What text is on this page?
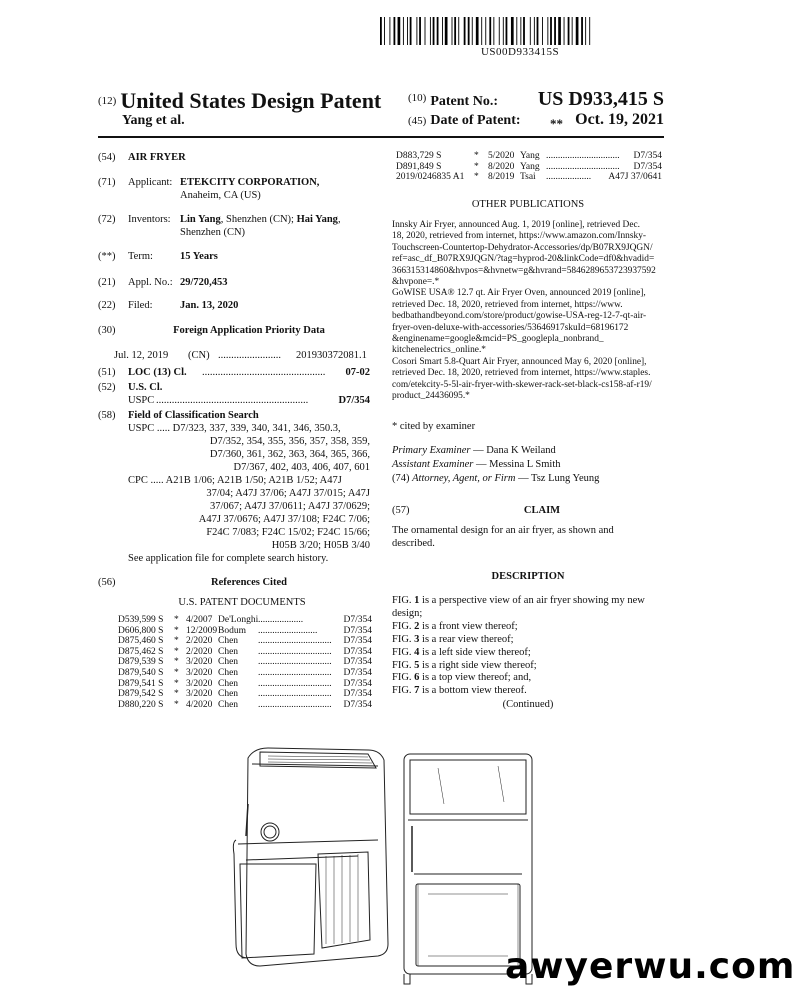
US00D933415S
(12) United States Design Patent $^{(10)}$ Patent No.: US D933,415 S
Yang et al.	(45) Date of Patent: ** Oct. 19, 2021
(54) AIR FRYER
(71) Applicant: ETEKCITY CORPORATION,
Anaheim, CA (US)
(72) Inventors: Lin Yang, Shenzhen (CN); Hai Yang,
Shenzhen (CN)
(**) Term:	15 Years
(21) Appl. No.: 29/720,453
(22) Filed:	Jan. 13, 2020
(30)	Foreign Application Priority Data
Jul. 12, 2019 (CN) ........................ 201930372081.1
(51) LOC (13) Cl. ...............................................	07-02
(52) U.S. Cl.
USPC ..........................................................	D7/354
(58) Field of Classification Search
USPC ..... D7/323, 337, 339, 340, 341, 346, 350.3,
D7/352, 354, 355, 356, 357, 358, 359,
D7/360, 361, 362, 363, 364, 365, 366,
D7/367, 402, 403, 406, 407, 601
CPC ..... A21B 1/06; A21B 1/50; A21B 1/52; A47J
37/04; A47J 37/06; A47J 37/015; A47J
37/067; A47J 37/0611; A47J 37/0629;
A47J 37/0676; A47J 37/108; F24C 7/06;
F24C 7/083; F24C 15/02; F24C 15/66;
H05B 3/20; H05B 3/40
See application file for complete search history.
(56)	References Cited
U.S. PATENT DOCUMENTS
D539,599 S	* 4/2007 De'Longhi ...................	D7/354
D606,800 S	* 12/2009 Bodum	.........................	D7/354
D875,460 S	* 2/2020 Chen	...............................	D7/354
D875,462 S	* 2/2020 Chen	...............................	D7/354
D879,539 S	* 3/2020 Chen	...............................	D7/354
D879,540 S	* 3/2020 Chen	...............................	D7/354
D879,541 S	* 3/2020 Chen	...............................	D7/354
D879,542 S	* 3/2020 Chen	...............................	D7/354
D880,220 S	* 4/2020 Chen	...............................	D7/354
D883,729 S	* 5/2020 Yang ...............................	D7/354
D891,849 S	* 8/2020 Yang ...............................	D7/354
2019/0246835 A1	* 8/2019 Tsai	...................	A47J 37/0641
OTHER PUBLICATIONS
Innsky Air Fryer, announced Aug. 1, 2019 [online], retrieved Dec.
18, 2020, retrieved from internet, https://www.amazon.com/Innsky-
Touchscreen-Countertop-Dehydrator-Accessories/dp/B07RX9JQGN/
ref=asc_df_B07RX9JQGN/?tag=hyprod-20&linkCode=df0&hvadid=
366315314860&hvpos=&hvnetw=g&hvrand=5846289653723937592
&hvpone=.*
GoWISE USA® 12.7 qt. Air Fryer Oven, announced 2019 [online],
retrieved Dec. 18, 2020, retrieved from internet, https://www.
bedbathandbeyond.com/store/product/gowise-USA-reg-12-7-qt-air-
fryer-oven-deluxe-with-accessories/53646917skuId=68196172
&enginename=google&mcid=PS_googlepla_nonbrand_
kitchenelectrics_online.*
Cosori Smart 5.8-Quart Air Fryer, announced May 6, 2020 [online],
retrieved Dec. 18, 2020, retrieved from internet, https://www.staples.
com/etekcity-5-5l-air-fryer-with-skewer-rack-set-black-cs158-af-r19/
product_24436095.*
* cited by examiner
Primary Examiner — Dana K Weiland
Assistant Examiner — Messina L Smith
(74) Attorney, Agent, or Firm — Tsz Lung Yeung
(57)	CLAIM
The ornamental design for an air fryer, as shown and
described.
DESCRIPTION
FIG. 1 is a perspective view of an air fryer showing my new
design;
FIG. 2 is a front view thereof;
FIG. 3 is a rear view thereof;
FIG. 4 is a left side view thereof;
FIG. 5 is a right side view thereof;
FIG. 6 is a top view thereof; and,
FIG. 7 is a bottom view thereof.
(Continued)
awyerwu.com
